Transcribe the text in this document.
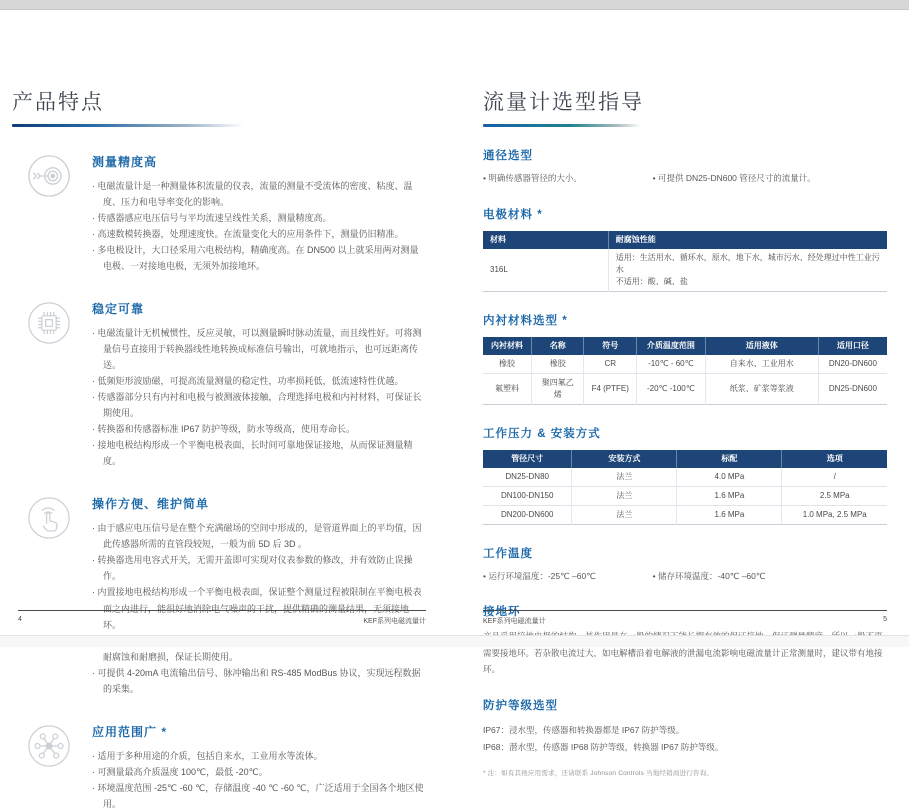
产品特点
测量精度高
· 电磁流量计是一种测量体积流量的仪表，流量的测量不受流体的密度、粘度、温度、压力和电导率变化的影响。
· 传感器感应电压信号与平均流速呈线性关系，测量精度高。
· 高速数模转换器，处理速度快。在流量变化大的应用条件下，测量仍旧精准。
· 多电极设计，大口径采用六电极结构，精确度高。在 DN500 以上就采用两对测量电极、一对接地电极，无须外加接地环。
稳定可靠
· 电磁流量计无机械惯性，反应灵敏，可以测量瞬时脉动流量，而且线性好。可将测量信号直接用于转换器线性地转换成标准信号输出，可就地指示，也可远距离传送。
· 低频矩形波励磁，可提高流量测量的稳定性，功率损耗低，低流速特性优越。
· 传感器部分只有内衬和电极与被测液体接触，合理选择电极和内衬材料，可保证长期使用。
· 转换器和传感器标准 IP67 防护等级，防水等级高，使用寿命长。
· 接地电极结构形成一个平衡电极表面，长时间可靠地保证接地，从而保证测量精度。
操作方便、维护简单
· 由于感应电压信号是在整个充满磁场的空间中形成的，是管道界面上的平均值，因此传感器所需的直管段较短，一般为前 5D 后 3D 。
· 转换器选用电容式开关，无需开盖即可实现对仪表参数的修改，并有效防止误操作。
· 内置接地电极结构形成一个平衡电极表面，保证整个测量过程被限制在平衡电极表面之内进行，能很好地消除电气噪声的干扰，提供精确的测量结果，无须接地环。
· 耐腐蚀和耐磨损，保证长期使用。
· 可提供 4-20mA 电流输出信号、脉冲输出和 RS-485 ModBus 协议，实现远程数据的采集。
应用范围广 *
· 适用于多种用途的介质，包括自来水，工业用水等流体。
· 可测量最高介质温度 100℃，最低 -20℃。
· 环境温度范围 -25℃ -60 ℃，存储温度 -40 ℃ -60 ℃，广泛适用于全国各个地区使用。
4	KEF系列电磁流量计
流量计选型指导
通径选型
• 明确传感器管径的大小。	• 可提供 DN25-DN600 管径尺寸的流量计。
电极材料 *
材料	耐腐蚀性能
316L	适用：生活用水、循环水，原水，地下水，城市污水、经处理过中性工业污水
不适用：酸、碱、盐
内衬材料选型 *
内衬材料	名称	符号	介质温度范围	适用液体	适用口径
橡胶	橡胶	CR	-10℃ - 60℃	自来水、工业用水	DN20-DN600
氟塑料	聚四氟乙烯	F4 (PTFE)	-20℃ -100℃	纸浆、矿浆等浆液	DN25-DN600
工作压力 & 安装方式
管径尺寸	安装方式	标配	选项
DN25-DN80	法兰	4.0 MPa	/
DN100-DN150	法兰	1.6 MPa	2.5 MPa
DN200-DN600	法兰	1.6 MPa	1.0 MPa, 2.5 MPa
工作温度
• 运行环境温度：-25℃ –60℃	• 储存环境温度：-40℃ –60℃
接地环

需要接地环。若杂散电流过大，如电解槽沿着电解液的泄漏电流影响电磁流量计正常测量时，建议带有地接环。

防护等级选型
IP67：浸水型，传感器和转换器都是 IP67 防护等级。
IP68：潜水型，传感器 IP68 防护等级，转换器 IP67 防护等级。
* 注：如有其他应用需求，还请联系 Johnson Controls 当地经销商进行咨询。
KEF系列电磁流量计	5
